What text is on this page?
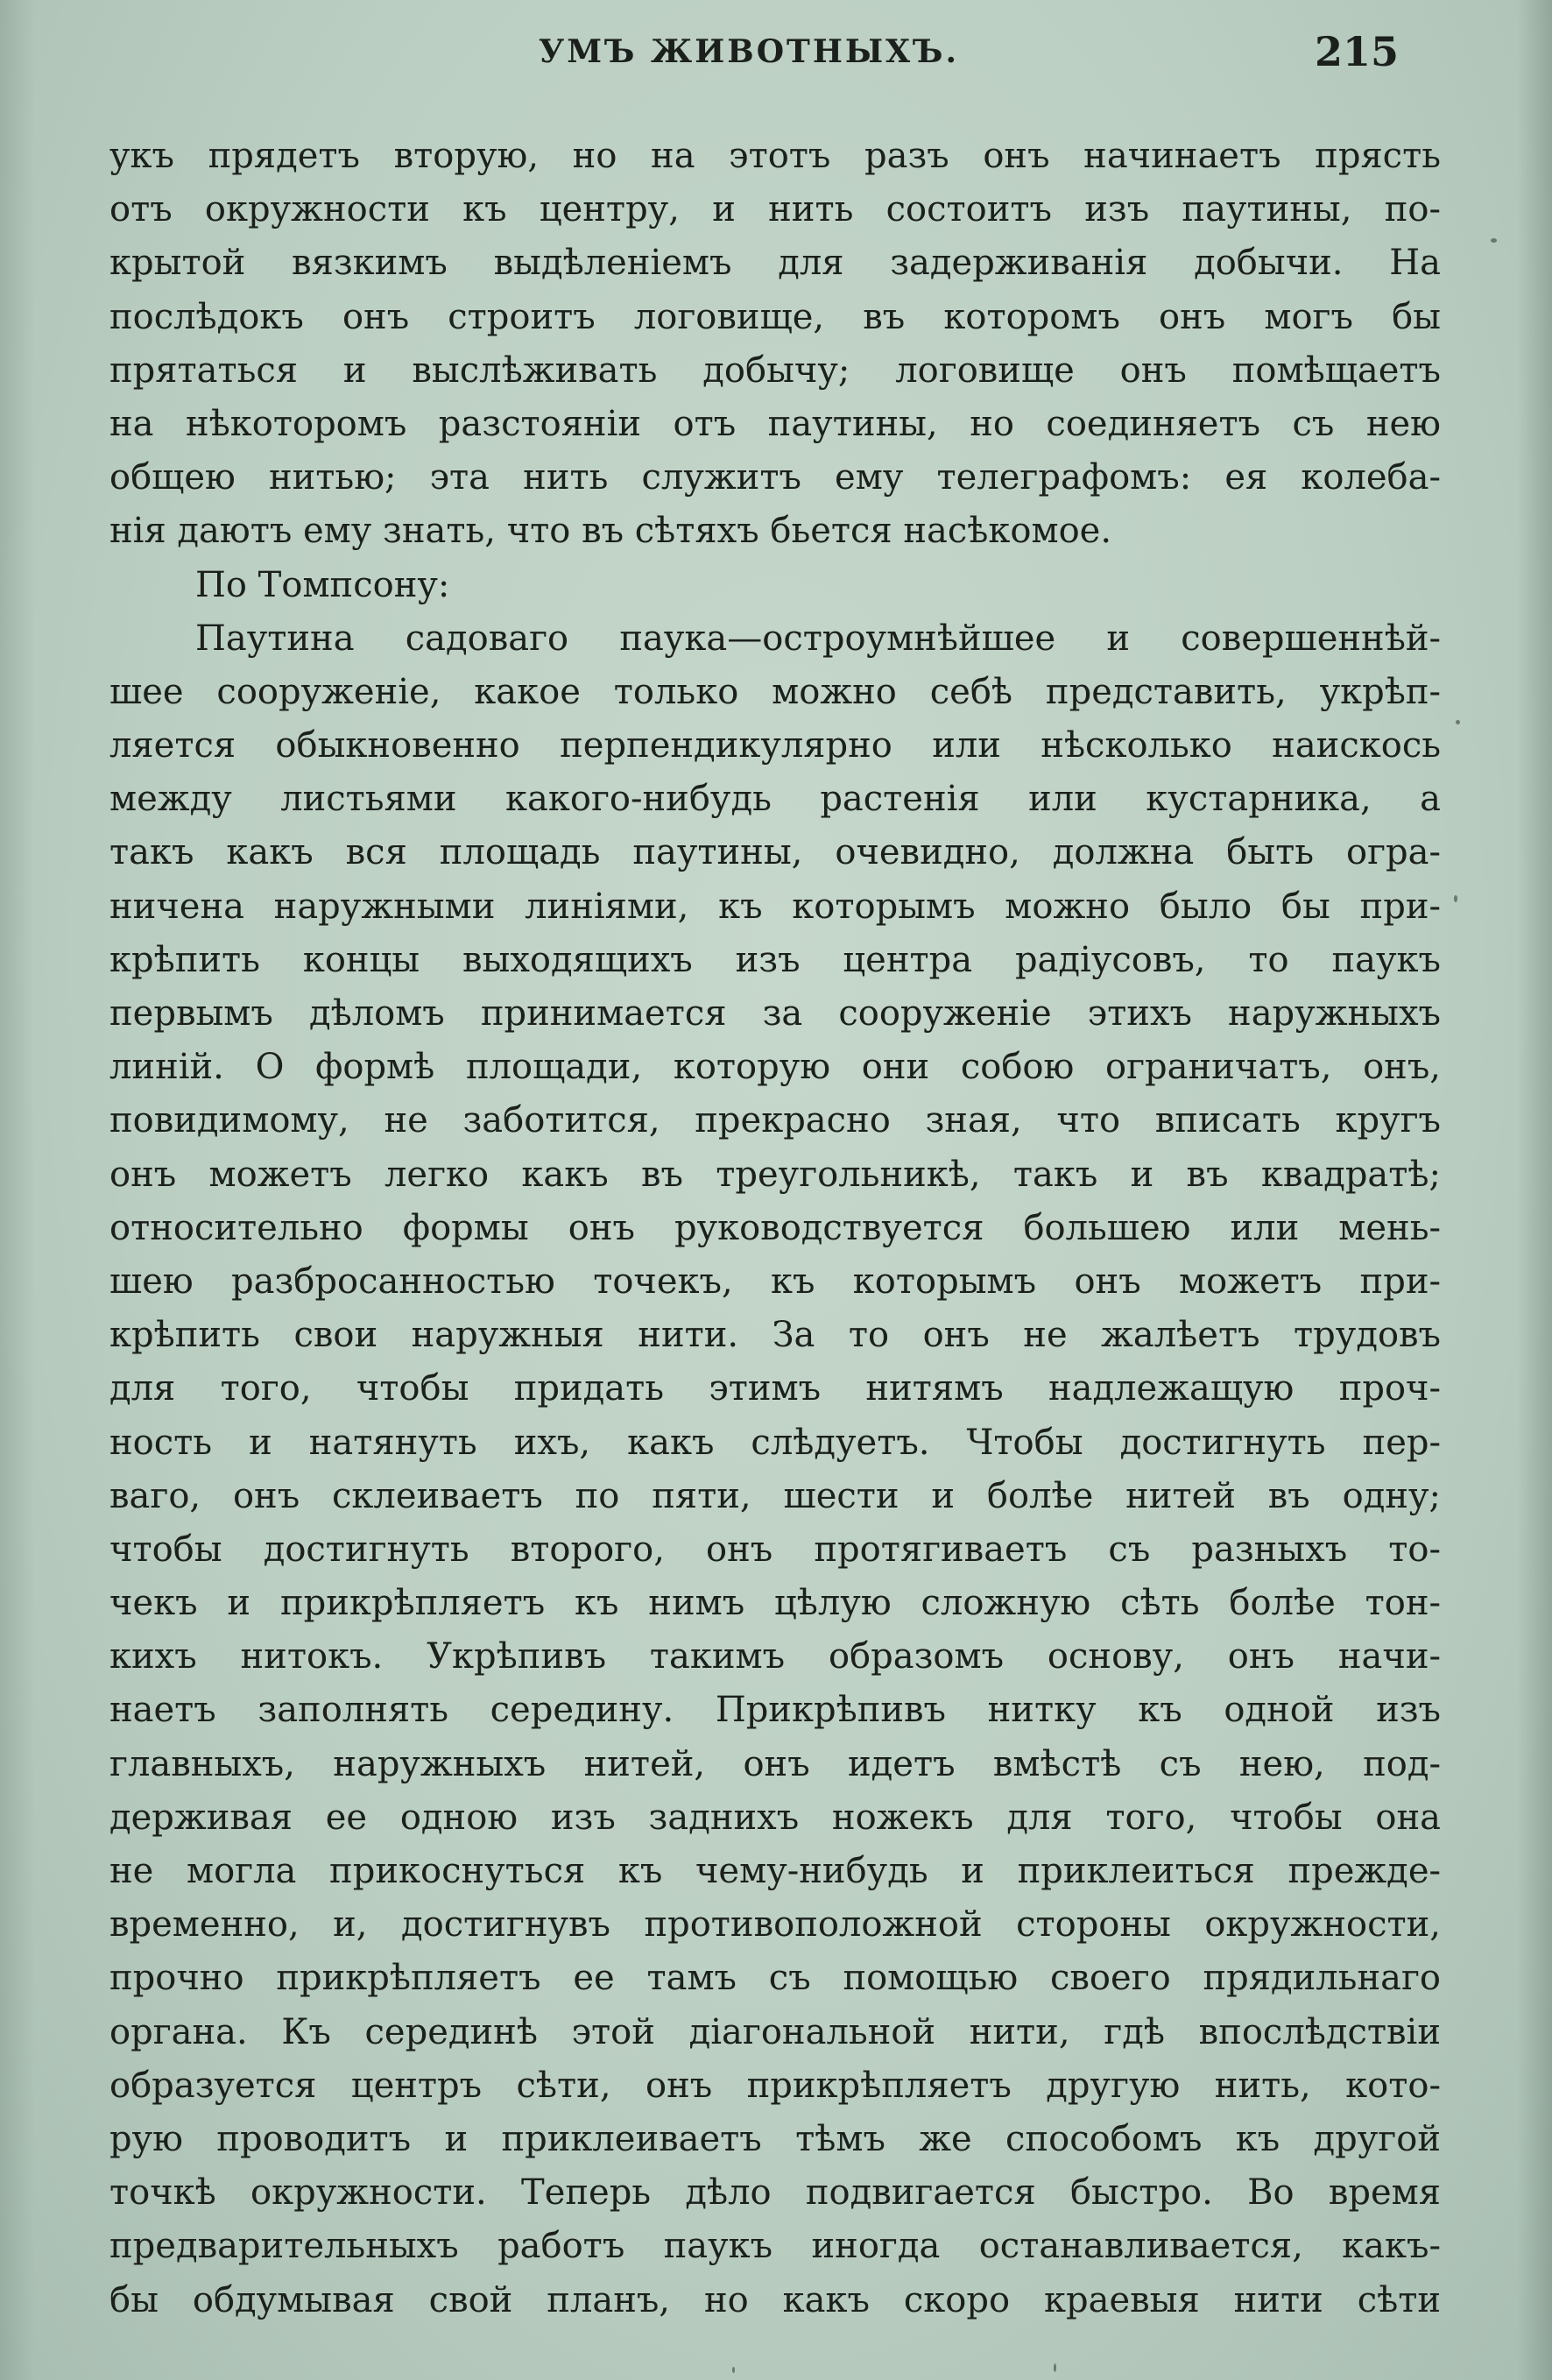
УМЪ ЖИВОТНЫХЪ.	215
укъ прядетъ вторую, но на этотъ разъ онъ начинаетъ прясть
отъ окружности къ центру, и нить состоитъ изъ паутины, по-
крытой вязкимъ выдѣленіемъ для задерживанія добычи. На
послѣдокъ онъ строитъ логовище, въ которомъ онъ могъ бы
прятаться и выслѣживать добычу; логовище онъ помѣщаетъ
на нѣкоторомъ разстояніи отъ паутины, но соединяетъ съ нею
общею нитью; эта нить служитъ ему телеграфомъ: ея колеба-
нія даютъ ему знать, что въ сѣтяхъ бьется насѣкомое.
По Томпсону:
Паутина садоваго паука—остроумнѣйшее и совершеннѣй-
шее сооруженіе, какое только можно себѣ представить, укрѣп-
ляется обыкновенно перпендикулярно или нѣсколько наискось
между листьями какого-нибудь растенія или кустарника, а
такъ какъ вся площадь паутины, очевидно, должна быть огра-
ничена наружными линіями, къ которымъ можно было бы при-
крѣпить концы выходящихъ изъ центра радіусовъ, то паукъ
первымъ дѣломъ принимается за сооруженіе этихъ наружныхъ
линій. О формѣ площади, которую они собою ограничатъ, онъ,
повидимому, не заботится, прекрасно зная, что вписать кругъ
онъ можетъ легко какъ въ треугольникѣ, такъ и въ квадратѣ;
относительно формы онъ руководствуется большею или мень-
шею разбросанностью точекъ, къ которымъ онъ можетъ при-
крѣпить свои наружныя нити. За то онъ не жалѣетъ трудовъ
для того, чтобы придать этимъ нитямъ надлежащую проч-
ность и натянуть ихъ, какъ слѣдуетъ. Чтобы достигнуть пер-
ваго, онъ склеиваетъ по пяти, шести и болѣе нитей въ одну;
чтобы достигнуть второго, онъ протягиваетъ съ разныхъ то-
чекъ и прикрѣпляетъ къ нимъ цѣлую сложную сѣть болѣе тон-
кихъ нитокъ. Укрѣпивъ такимъ образомъ основу, онъ начи-
наетъ заполнять середину. Прикрѣпивъ нитку къ одной изъ
главныхъ, наружныхъ нитей, онъ идетъ вмѣстѣ съ нею, под-
держивая ее одною изъ заднихъ ножекъ для того, чтобы она
не могла прикоснуться къ чему-нибудь и приклеиться прежде-
временно, и, достигнувъ противоположной стороны окружности,
прочно прикрѣпляетъ ее тамъ съ помощью своего прядильнаго
органа. Къ серединѣ этой діагональной нити, гдѣ впослѣдствіи
образуется центръ сѣти, онъ прикрѣпляетъ другую нить, кото-
рую проводитъ и приклеиваетъ тѣмъ же способомъ къ другой
точкѣ окружности. Теперь дѣло подвигается быстро. Во время
предварительныхъ работъ паукъ иногда останавливается, какъ-
бы обдумывая свой планъ, но какъ скоро краевыя нити сѣти
